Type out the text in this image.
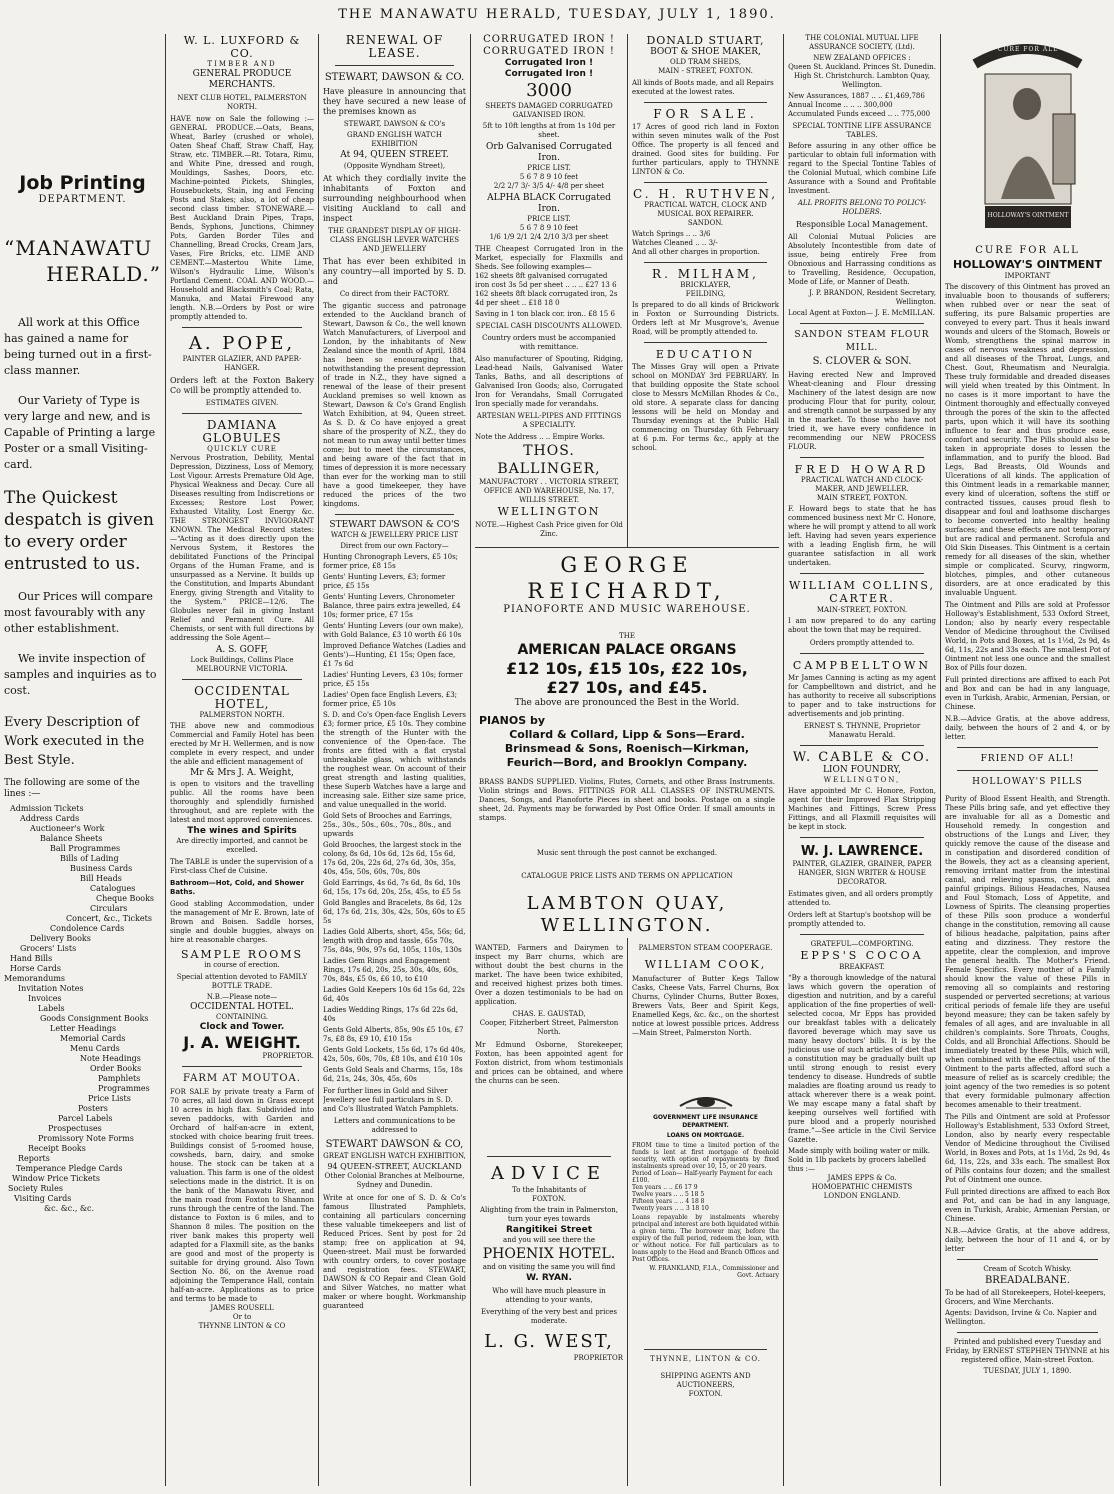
THE MANAWATU HERALD, TUESDAY, JULY 1, 1890.
Job Printing
DEPARTMENT.
“MANAWATU
HERALD.”
All work at this Office has gained a name for being turned out in a first-class manner.
Our Variety of Type is very large and new, and is Capable of Printing a large Poster or a small Visiting-card.
The Quickest despatch is given to every order entrusted to us.
Our Prices will compare most favourably with any other establishment.
We invite inspection of samples and inquiries as to cost.
Every Description of Work executed in the Best Style.
The following are some of the lines :—
Admission Tickets
Address Cards
Auctioneer's Work
Balance Sheets
Ball Programmes
Bills of Lading
Business Cards
Bill Heads
Catalogues
Cheque Books
Circulars
Concert, &c., Tickets
Condolence Cards
Delivery Books
Grocers' Lists
Hand Bills
Horse Cards
Memorandums
Invitation Notes
Invoices
Labels
Goods Consignment Books
Letter Headings
Memorial Cards
Menu Cards
Note Headings
Order Books
Pamphlets
Programmes
Price Lists
Posters
Parcel Labels
Prospectuses
Promissory Note Forms
Receipt Books
Reports
Temperance Pledge Cards
Window Price Tickets
Society Rules
Visiting Cards
&c. &c., &c.
W. L. LUXFORD & CO.
TIMBER AND
GENERAL PRODUCE
MERCHANTS.
NEXT CLUB HOTEL, PALMERSTON NORTH.
HAVE now on Sale the following :— GENERAL PRODUCE.—Oats, Beans, Wheat, Barley (crushed or whole), Oaten Sheaf Chaff, Straw Chaff, Hay, Straw, etc. TIMBER.—Rt. Totara, Rimu, and White Pine, dressed and rough, Mouldings, Sashes, Doors, etc. Machine-pointed Pickets, Shingles, Housebuckets, Stain, ing and Fencing Posts and Stakes; also, a lot of cheap second class timber. STONEWARE.—Best Auckland Drain Pipes, Traps, Bends, Syphons, Junctions, Chimney Pots, Garden Border Tiles and Channelling, Bread Crocks, Cream Jars, Vases, Fire Bricks, etc. LIME AND CEMENT.—Mastertou White Lime, Wilson's Hydraulic Lime, Wilson's Portland Cement. COAL AND WOOD.—Household and Blacksmith's Coal; Rata, Manuka, and Matai Firewood any length. N.B.—Orders by Post or wire promptly attended to.
A. POPE,
PAINTER GLAZIER, AND PAPER-HANGER.
Orders left at the Foxton Bakery Co will be promptly attended to.
ESTIMATES GIVEN.
DAMIANA GLOBULES
QUICKLY CURE
Nervous Prostration, Debility, Mental Depression, Dizziness, Loss of Memory, Lost Vigour. Arrests Premature Old Age, Physical Weakness and Decay. Cure all Diseases resulting from Indiscretions or Excesses; Restore Lost Power, Exhausted Vitality, Lost Energy &c. THE STRONGEST INVIGORANT KNOWN. The Medical Record states:—“Acting as it does directly upon the Nervous System, it Restores the debilitated Functions of the Principal Organs of the Human Frame, and is unsurpassed as a Nervine. It builds up the Constitution, and Imparts Abundant Energy, giving Strength and Vitality to the System.” PRICE—12/6. The Globules never fail in giving Instant Relief and Permanent Cure. All Chemists, or sent with full directions by addressing the Sole Agent—
A. S. GOFF,
Lock Buildings, Collins Place MELBOURNE VICTORIA.
OCCIDENTAL HOTEL,
PALMERSTON NORTH.
THE above new and commodious Commercial and Family Hotel has been erected by Mr H. Wellermen, and is now complete in every respect, and under the able and efficient management of
Mr & Mrs J. A. Weight,
is open to visitors and the travelling public. All the rooms have been thoroughly and splendidly furnished throughout, and are replete with the latest and most approved conveniences.
The wines and Spirits
Are directly imported, and cannot be excelled.
The TABLE is under the supervision of a First-class Chef de Cuisine.
Bathroom—Hot, Cold, and Shower Baths.
Good stabling Accommodation, under the management of Mr E. Brown, late of Brown and Boisen. Saddle horses, single and double buggies, always on hire at reasonable charges.
SAMPLE ROOMS
in course of erection.
Special attention devoted to FAMILY BOTTLE TRADE.
N.B.—Please note—
OCCIDENTAL HOTEL.
CONTAINING.
Clock and Tower.
J. A. WEIGHT.
PROPRIETOR.
FARM AT MOUTOA.
FOR SALE by private treaty a Farm of 70 acres, all laid down in Grass except 10 acres in high flax. Subdivided into seven paddocks, with Garden and Orchard of half-an-acre in extent, stocked with choice bearing fruit trees. Buildings consist of 5-roomed house, cowsheds, barn, dairy, and smoke house. The stock can be taken at a valuation. This farm is one of the oldest selections made in the district. It is on the bank of the Manawatu River, and the main road from Foxton to Shannon runs through the centre of the land. The distance to Foxton is 6 miles, and to Shannon 8 miles. The position on the river bank makes this property well adapted for a Flaxmill site, as the banks are good and most of the property is suitable for drying ground. Also Town Section No. 86, on the Avenue road adjoining the Temperance Hall, contain half-an-acre. Applications as to price and terms to be made to
JAMES ROUSELL
Or to
THYNNE LINTON & CO
RENEWAL OF LEASE.
STEWART, DAWSON & CO.
Have pleasure in announcing that they have secured a new lease of the premises known as
STEWART, DAWSON & CO's
GRAND ENGLISH WATCH EXHIBITION
At 94, QUEEN STREET.
(Opposite Wyndham Street),
At which they cordially invite the inhabitants of Foxton and surrounding neighbourhood when visiting Auckland to call and inspect
THE GRANDEST DISPLAY OF HIGH-CLASS ENGLISH LEVER WATCHES AND JEWELLERY
That has ever been exhibited in any country—all imported by S. D. and
Co direct from their FACTORY.
The gigantic success and patronage extended to the Auckland branch of Stewart, Dawson & Co., the well known Watch Manufacturers, of Liverpool and London, by the inhabitants of New Zealand since the month of April, 1884 has been so encouraging that, notwithstanding the present depression of trade in N.Z., they have signed a renewal of the lease of their present Auckland premises so well known as Stewart, Dawson & Co's Grand English Watch Exhibition, at 94, Queen street. As S. D. & Co have enjoyed a great share of the prosperity of N.Z., they do not mean to run away until better times come; but to meet the circumstances, and being aware of the fact that in times of depression it is more necessary than ever for the working man to still have a good timekeeper, they have reduced the prices of the two kingdoms.
STEWART DAWSON & CO'S
WATCH & JEWELLERY PRICE LIST
Direct from our own Factory—
Hunting Chronograph Levers, £5 10s; former price, £8 15s
Gents' Hunting Levers, £3; former price, £5 15s
Gents' Hunting Levers, Chronometer Balance, three pairs extra jewelled, £4 10s; former price, £7 15s
Gents' Hunting Levers (our own make), with Gold Balance, £3 10 worth £6 10s
Improved Defiance Watches (Ladies and Gents')—Hunting, £1 15s; Open face, £1 7s 6d
Ladies' Hunting Levers, £3 10s; former price, £5 15s
Ladies' Open face English Levers, £3; former price, £5 10s
S. D. and Co's Open-face English Levers £3; former price, £5 10s. They combine the strength of the Hunter with the convenience of the Open-face. The fronts are fitted with a flat crystal unbreakable glass, which withstands the roughest wear. On account of their great strength and lasting qualities, these Superb Watches have a large and increasing sale. Either size same price, and value unequalled in the world.
Gold Sets of Brooches and Earrings, 25s., 30s., 50s., 60s., 70s., 80s., and upwards
Gold Brooches, the largest stock in the colony, 8s 6d, 10s 6d, 12s 6d, 15s 6d, 17s 6d, 20s, 22s 6d, 27s 6d, 30s, 35s, 40s, 45s, 50s, 60s, 70s, 80s
Gold Earrings, 4s 6d, 7s 6d, 8s 6d, 10s 6d, 15s, 17s 6d, 20s, 25s, 45s, to £5 5s
Gold Bangles and Bracelets, 8s 6d, 12s 6d, 17s 6d, 21s, 30s, 42s, 50s, 60s to £5 5s
Ladies Gold Alberts, short, 45s, 56s; 6d, length with drop and tassle, 65s 70s, 75s, 84s, 90s, 97s 6d, 105s, 110s, 130s
Ladies Gem Rings and Engagement Rings, 17s 6d, 20s, 25s, 30s, 40s, 60s, 70s, 84s, £5 0s, £6 10, to £10
Ladies Gold Keepers 10s 6d 15s 6d, 22s 6d, 40s
Ladies Wedding Rings, 17s 6d 22s 6d, 40s
Gents Gold Alberts, 85s, 90s £5 10s, £7 7s, £8 8s, £9 10, £10 15s
Gents Gold Lockets, 15s 6d, 17s 6d 40s, 42s, 50s, 60s, 70s, £8 10s, and £10 10s
Gents Gold Seals and Charms, 15s, 18s 6d, 21s, 24s, 30s, 45s, 60s
For further lines in Gold and Silver Jewellery see full particulars in S. D. and Co's Illustrated Watch Pamphlets.
Letters and communications to be addressed to
STEWART DAWSON & CO,
GREAT ENGLISH WATCH EXHIBITION,
94 QUEEN-STREET, AUCKLAND
Other Colonial Branches at Melbourne, Sydney and Dunedin.
Write at once for one of S. D. & Co's famous Illustrated Pamphlets, containing all particulars concerning these valuable timekeepers and list of Reduced Prices. Sent by post for 2d stamp; free on application at 94, Queen-street. Mail must be forwarded with country orders, to cover postage and registration fees. STEWART, DAWSON & CO Repair and Clean Gold and Silver Watches, no matter what maker or where bought. Workmanship guaranteed
CORRUGATED IRON !
CORRUGATED IRON !
Corrugated Iron !
Corrugated Iron !
3000
SHEETS DAMAGED CORRUGATED GALVANISED IRON.
5ft to 10ft lengths at from 1s 10d per sheet.
Orb Galvanised Corrugated Iron.
PRICE LIST.
5 6 7 8 9 10 feet
2/2 2/7 3/- 3/5 4/- 4/8 per sheet
ALPHA BLACK Corrugated Iron.
PRICE LIST.
5 6 7 8 9 10 feet
1/6 1/9 2/1 2/4 2/10 3/3 per sheet
THE Cheapest Corrugated Iron in the Market, especially for Flaxmills and Sheds. See following examples—
162 sheets 8ft galvanised corrugated iron cost 3s 5d per sheet .. .. .. £27 13 6
162 sheets 8ft black corrugated iron, 2s 4d per sheet .. £18 18 0
Saving in 1 ton black cor. iron.. £8 15 6
SPECIAL CASH DISCOUNTS ALLOWED.
Country orders must be accompanied with remittance.
Also manufacturer of Spouting, Ridging, Lead-head Nails, Galvanised Water Tanks, Baths, and all descriptions of Galvanised Iron Goods; also, Corrugated Iron for Verandahs, Small Corrugated Iron specially made for verandahs.
ARTESIAN WELL-PIPES AND FITTINGS A SPECIALITY.
Note the Address .. .. Empire Works.
THOS. BALLINGER,
MANUFACTORY . . VICTORIA STREET, OFFICE AND WAREHOUSE, No. 17, WILLIS STREET.
WELLINGTON
NOTE.—Highest Cash Price given for Old Zinc.
GEORGE REICHARDT,
PIANOFORTE AND MUSIC WAREHOUSE.
THE
AMERICAN PALACE ORGANS
£12 10s, £15 10s, £22 10s,
£27 10s, and £45.
The above are pronounced the Best in the World.
PIANOS by
Collard & Collard, Lipp & Sons—Erard. Brinsmead & Sons, Roenisch—Kirkman, Feurich—Bord, and Brooklyn Company.
BRASS BANDS SUPPLIED. Violins, Flutes, Cornets, and other Brass Instruments. Violin strings and Bows. FITTINGS FOR ALL CLASSES OF INSTRUMENTS. Dances, Songs, and Pianoforte Pieces in sheet and books. Postage on a single sheet, 2d. Payments may be forwarded by Post Office Order. If small amounts in stamps.
Music sent through the post cannot be exchanged.
CATALOGUE PRICE LISTS AND TERMS ON APPLICATION
LAMBTON QUAY, WELLINGTON.
WANTED, Farmers and Dairymen to inspect my Barr churns, which are without doubt the best churns in the market. The have been twice exhibited, and received highest prizes both times. Over a dozen testimonials to be had on application.
CHAS. E. GAUSTAD,
Cooper, Fitzherbert Street, Palmerston North.
Mr Edmund Osborne, Storekeeper, Foxton, has been appointed agent for Foxton district, from whom testimonials and prices can be obtained, and where the churns can be seen.
ADVICE
To the Inhabitants of
FOXTON.
Alighting from the train in Palmerston, turn your eyes towards
Rangitikei Street
and you will see there the
PHOENIX HOTEL.
and on visiting the same you will find
W. RYAN.
Who will have much pleasure in attending to your wants,
Everything of the very best and prices moderate.
L. G. WEST,
PROPRIETOR
DONALD STUART,
BOOT & SHOE MAKER,
OLD TRAM SHEDS,
MAIN - STREET, FOXTON.
All kinds of Boots made, and all Repairs executed at the lowest rates.
FOR SALE.
17 Acres of good rich land in Foxton within seven minutes walk of the Post Office. The property is all fenced and drained. Good sites for building. For further particulars, apply to THYNNE LINTON & Co.
C. H. RUTHVEN,
PRACTICAL WATCH, CLOCK AND MUSICAL BOX REPAIRER.
SANDON.
Watch Springs .. .. 3/6
Watches Cleaned .. .. 3/-
And all other charges in proportion.
R. MILHAM,
BRICKLAYER,
FEILDING,
Is prepared to do all kinds of Brickwork in Foxton or Surrounding Districts. Orders left at Mr Musgrove's, Avenue Road, will be promptly attended to.
EDUCATION
The Misses Gray will open a Private school on MONDAY 3rd FEBRUARY. In that building opposite the State school close to Messrs McMillan Rhodes & Co., old store. A separate class for dancing lessons will be held on Monday and Thursday evenings at the Public Hall commencing on Thursday 6th February at 6 p.m. For terms &c., apply at the school.
PALMERSTON STEAM COOPERAGE.
WILLIAM COOK,
Manufacturer of Butter Kegs Tallow Casks, Cheese Vats, Farrel Churns, Box Churns, Cylinder Churns, Butter Boxes, Brewers Vats, Beer and Spirit Kegs, Enamelled Kegs, &c. &c., on the shortest notice at lowest possible prices. Address—Main Street, Palmerston North.
GOVERNMENT LIFE INSURANCE DEPARTMENT.
LOANS ON MORTGAGE.
FROM time to time a limited portion of the funds is lent at first mortgage of freehold security, with option of repayments by fixed instalments spread over 10, 15, or 20 years.
Period of Loan— Half-yearly Payment for each £100.
Ten years .. .. £6 17 9
Twelve years .. .. 5 18 5
Fifteen years .. .. 4 18 8
Twenty years .. .. 3 18 10
Loans repayable by instalments whereby principal and interest are both liquidated within a given term. The borrower may, before the expiry of the full period, redeem the loan, with or without notice. For full particulars as to loans apply to the Head and Branch Offices and Post Offices.
W. FRANKLAND, F.I.A., Commissioner and Govt. Actuary
THYNNE, LINTON & CO.
SHIPPING AGENTS AND AUCTIONEERS,
FOXTON.
THE COLONIAL MUTUAL LIFE ASSURANCE SOCIETY, (Ltd).
NEW ZEALAND OFFICES :
Queen St. Auckland. Princes St. Dunedin. High St. Christchurch. Lambton Quay, Wellington.
New Assurances, 1887 .. .. £1,469,786
Annual Income .. .. .. 300,000
Accumulated Funds exceed .. .. 775,000
SPECIAL TONTINE LIFE ASSURANCE TABLES.
Before assuring in any other office be particular to obtain full information with regard to the Special Tontine Tables of the Colonial Mutual, which combine Life Assurance with a Sound and Profitable Investment.
ALL PROFITS BELONG TO POLICY-HOLDERS.
Responsible Local Management.
All Colonial Mutual Policies are Absolutely Incontestible from date of issue, being entirely Free from Obnoxious and Harrassing conditions as to Travelling, Residence, Occupation, Mode of Life, or Manner of Death.
J. P. BRANDON, Resident Secretary, Wellington.
Local Agent at Foxton— J. E. McMILLAN.
SANDON STEAM FLOUR MILL.
S. CLOVER & SON.
Having erected New and Improved Wheat-cleaning and Flour dressing Machinery of the latest design are now producing Flour that for purity, colour, and strength cannot be surpassed by any in the market. To those who have not tried it, we have every confidence in recommending our NEW PROCESS FLOUR.
FRED HOWARD
PRACTICAL WATCH AND CLOCK-MAKER, AND JEWELLER.
MAIN STREET, FOXTON.
F. Howard begs to state that he has commenced business next Mr C. Honore, where he will prompt y attend to all work left. Having had seven years experience with a leading English firm, he will guarantee satisfaction in all work undertaken.
WILLIAM COLLINS,
CARTER.
MAIN-STREET, FOXTON.
I am now prepared to do any carting about the town that may be required.
Orders promptly attended to.
CAMPBELLTOWN
Mr James Canning is acting as my agent for Campbelltown and district, and he has authority to receive all subscriptions to paper and to take instructions for advertisements and job printing.
ERNEST S. THYNNE, Proprietor Manawatu Herald.
W. CABLE & CO.
LION FOUNDRY,
WELLINGTON,
Have appointed Mr C. Honore, Foxton, agent for their Improved Flax Stripping Machines and Fittings, Screw Press Fittings, and all Flaxmill requisites will be kept in stock.
W. J. LAWRENCE.
PAINTER, GLAZIER, GRAINER, PAPER HANGER, SIGN WRITER & HOUSE DECORATOR.
Estimates given, and all orders promptly attended to.
Orders left at Startup's bootshop will be promptly attended to.
GRATEFUL—COMFORTING.
EPPS'S COCOA
BREAKFAST.
“By a thorough knowledge of the natural laws which govern the operation of digestion and nutrition, and by a careful application of the fine properties of well-selected cocoa, Mr Epps has provided our breakfast tables with a delicately flavored beverage which may save us many heavy doctors' bills. It is by the judicious use of such articles of diet that a constitution may be gradually built up until strong enough to resist every tendency to disease. Hundreds of subtle maladies are floating around us ready to attack wherever there is a weak point. We may escape many a fatal shaft by keeping ourselves well fortified with pure blood and a properly nourished frame.”—See article in the Civil Service Gazette.
Made simply with boiling water or milk.
Sold in 1lb packets by grocers labelled thus :—
JAMES EPPS & Co.
HOMOEPATHIC CHEMISTS
LONDON ENGLAND.
CURE FOR ALL
HOLLOWAY'S OINTMENT
CURE FOR ALL
HOLLOWAY'S OINTMENT
IMPORTANT
The discovery of this Ointment has proved an invaluable boon to thousands of sufferers; when rubbed over or near the seat of suffering, its pure Balsamic properties are conveyed to every part. Thus it heals inward wounds and ulcers of the Stomach, Bowels or Womb, strengthens the spinal marrow in cases of nervous weakness and depression, and all diseases of the Throat, Lungs, and Chest. Gout, Rheumatism and Neuralgia. These truly formidable and dreaded diseases will yield when treated by this Ointment. In no cases is it more important to have the Ointment thoroughly and effectually conveyed through the pores of the skin to the affected parts, upon which it will have its soothing influence to fear and thus produce ease, comfort and security. The Pills should also be taken in appropriate doses to lessen the inflammation, and to purify the blood. Bad Legs, Bad Breasts, Old Wounds and Ulcerations of all kinds. The application of this Ointment leads in a remarkable manner, every kind of ulceration, softens the stiff or contracted tissues, causes proud flesh to disappear and foul and loathsome discharges to become converted into healthy healing surfaces; and these effects are not temporary but are radical and permanent. Scrofula and Old Skin Diseases. This Ointment is a certain remedy for all diseases of the skin, whether simple or complicated. Scurvy, ringworm, blotches, pimples, and other cutaneous disorders, are at once eradicated by this invaluable Unguent.
The Ointment and Pills are sold at Professor Holloway's Establishment, 533 Oxford Street, London; also by nearly every respectable Vendor of Medicine throughout the Civilised World, in Pots and Boxes, at 1s 1½d, 2s 9d, 4s 6d, 11s, 22s and 33s each. The smallest Pot of Ointment not less one ounce and the smallest Box of Pills four dozen.
Full printed directions are affixed to each Pot and Box and can be had in any language, even in Turkish, Arabic, Armenian, Persian, or Chinese.
N.B.—Advice Gratis, at the above address, daily, between the hours of 2 and 4, or by letter.
FRIEND OF ALL!
HOLLOWAY'S PILLS
Purity of Blood Essent Health, and Strength. These Pills bring safe, and yet effective they are invaluable for all as a Domestic and Household remedy. In congestion and obstructions of the Lungs and Liver, they quickly remove the cause of the disease and in constipation and disordered condition of the Bowels, they act as a cleansing aperient, removing irritant matter from the intestinal canal, and relieving spasms, cramps, and painful gripings. Bilious Headaches, Nausea and Foul Stomach, Loss of Appetite, and Lowness of Spirits. The cleansing properties of these Pills soon produce a wonderful change in the constitution, removing all cause of bilious headache, palpitation, pains after eating and dizziness. They restore the appetite, clear the complexion, and improve the general health. The Mother's Friend. Female Specifics. Every mother of a Family should know the value of these Pills in removing all so complaints and restoring suspended or perverted secretions; at various critical periods of female life they are useful beyond measure; they can be taken safely by females of all ages, and are invaluable in all children's complaints. Sore Throats, Coughs, Colds, and all Bronchial Affections. Should be immediately treated by these Pills, which will, when combined with the effectual use of the Ointment to the parts affected, afford such a measure of relief as is scarcely credible; the joint agency of the two remedies is so potent that every formidable pulmonary affection becomes amenable to their treatment.
The Pills and Ointment are sold at Professor Holloway's Establishment, 533 Oxford Street, London, also by nearly every respectable Vendor of Medicine throughout the Civilised World, in Boxes and Pots, at 1s 1½d, 2s 9d, 4s 6d, 11s, 22s, and 33s each. The smallest Box of Pills contains four dozen; and the smallest Pot of Ointment one ounce.
Full printed directions are affixed to each Box and Pot, and can be had in any language, even in Turkish, Arabic, Armenian Persian, or Chinese.
N.B.—Advice Gratis, at the above address, daily, between the hour of 11 and 4, or by letter
Cream of Scotch Whisky.
BREADALBANE.
To be had of all Storekeepers, Hotel-keepers, Grocers, and Wine Merchants.
Agents: Davidson, Irvine & Co. Napier and Wellington.
Printed and published every Tuesday and Friday, by ERNEST STEPHEN THYNNE at his registered office, Main-street Foxton.
TUESDAY, JULY 1, 1890.
